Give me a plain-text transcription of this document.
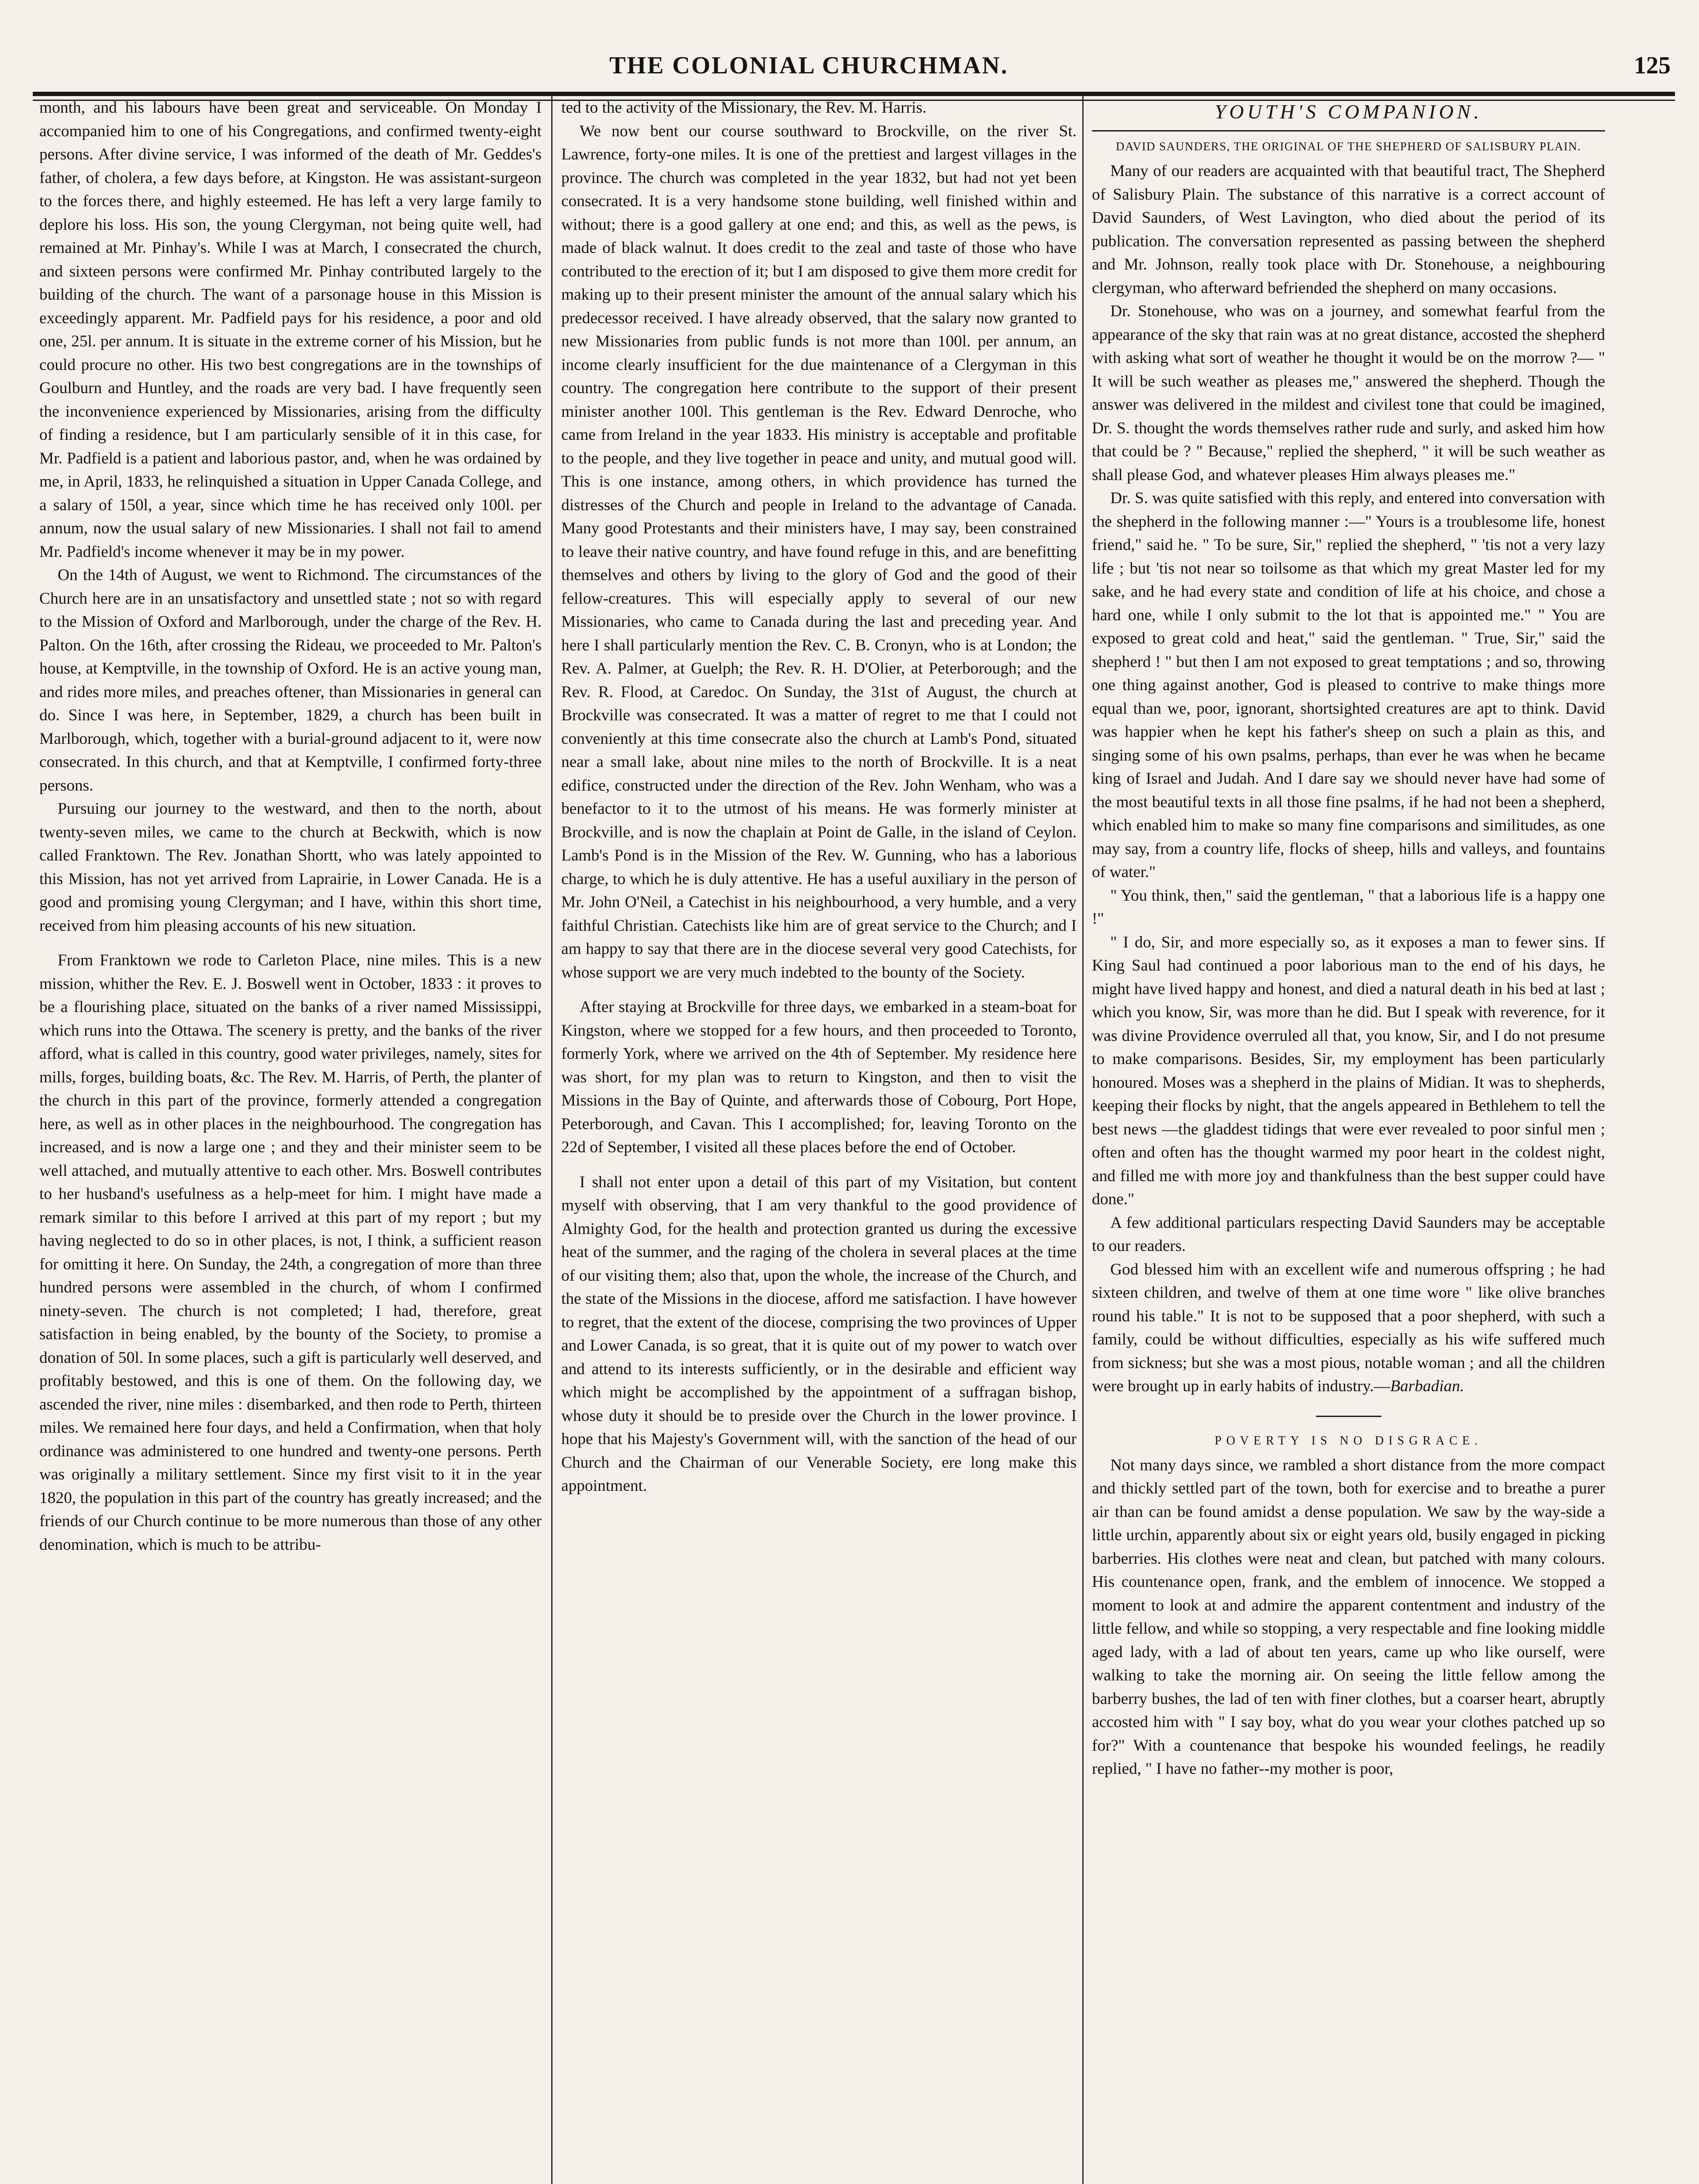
THE COLONIAL CHURCHMAN.	125

month, and his labours have been great and serviceable. On Monday I accompanied him to one of his Congregations, and confirmed twenty-eight persons. After divine service, I was informed of the death of Mr. Geddes's father, of cholera, a few days before, at Kingston. He was assistant-surgeon to the forces there, and highly esteemed. He has left a very large family to deplore his loss. His son, the young Clergyman, not being quite well, had remained at Mr. Pinhay's. While I was at March, I consecrated the church, and sixteen persons were confirmed Mr. Pinhay contributed largely to the building of the church. The want of a parsonage house in this Mission is exceedingly apparent. Mr. Padfield pays for his residence, a poor and old one, 25l. per annum. It is situate in the extreme corner of his Mission, but he could procure no other. His two best congregations are in the townships of Goulburn and Huntley, and the roads are very bad. I have frequently seen the inconvenience experienced by Missionaries, arising from the difficulty of finding a residence, but I am particularly sensible of it in this case, for Mr. Padfield is a patient and laborious pastor, and, when he was ordained by me, in April, 1833, he relinquished a situation in Upper Canada College, and a salary of 150l, a year, since which time he has received only 100l. per annum, now the usual salary of new Missionaries. I shall not fail to amend Mr. Padfield's income whenever it may be in my power.

On the 14th of August, we went to Richmond. The circumstances of the Church here are in an unsatisfactory and unsettled state ; not so with regard to the Mission of Oxford and Marlborough, under the charge of the Rev. H. Palton. On the 16th, after crossing the Rideau, we proceeded to Mr. Palton's house, at Kemptville, in the township of Oxford. He is an active young man, and rides more miles, and preaches oftener, than Missionaries in general can do. Since I was here, in September, 1829, a church has been built in Marlborough, which, together with a burial-ground adjacent to it, were now consecrated. In this church, and that at Kemptville, I confirmed forty-three persons.

Pursuing our journey to the westward, and then to the north, about twenty-seven miles, we came to the church at Beckwith, which is now called Franktown. The Rev. Jonathan Shortt, who was lately appointed to this Mission, has not yet arrived from Laprairie, in Lower Canada. He is a good and promising young Clergyman; and I have, within this short time, received from him pleasing accounts of his new situation.

From Franktown we rode to Carleton Place, nine miles. This is a new mission, whither the Rev. E. J. Boswell went in October, 1833 : it proves to be a flourishing place, situated on the banks of a river named Mississippi, which runs into the Ottawa. The scenery is pretty, and the banks of the river afford, what is called in this country, good water privileges, namely, sites for mills, forges, building boats, &c. The Rev. M. Harris, of Perth, the planter of the church in this part of the province, formerly attended a congregation here, as well as in other places in the neighbourhood. The congregation has increased, and is now a large one ; and they and their minister seem to be well attached, and mutually attentive to each other. Mrs. Boswell contributes to her husband's usefulness as a help-meet for him. I might have made a remark similar to this before I arrived at this part of my report ; but my having neglected to do so in other places, is not, I think, a sufficient reason for omitting it here. On Sunday, the 24th, a congregation of more than three hundred persons were assembled in the church, of whom I confirmed ninety-seven. The church is not completed; I had, therefore, great satisfaction in being enabled, by the bounty of the Society, to promise a donation of 50l. In some places, such a gift is particularly well deserved, and profitably bestowed, and this is one of them. On the following day, we ascended the river, nine miles : disembarked, and then rode to Perth, thirteen miles. We remained here four days, and held a Confirmation, when that holy ordinance was administered to one hundred and twenty-one persons. Perth was originally a military settlement. Since my first visit to it in the year 1820, the population in this part of the country has greatly increased; and the friends of our Church continue to be more numerous than those of any other denomination, which is much to be attribu-

ted to the activity of the Missionary, the Rev. M. Harris.

We now bent our course southward to Brockville, on the river St. Lawrence, forty-one miles. It is one of the prettiest and largest villages in the province. The church was completed in the year 1832, but had not yet been consecrated. It is a very handsome stone building, well finished within and without; there is a good gallery at one end; and this, as well as the pews, is made of black walnut. It does credit to the zeal and taste of those who have contributed to the erection of it; but I am disposed to give them more credit for making up to their present minister the amount of the annual salary which his predecessor received. I have already observed, that the salary now granted to new Missionaries from public funds is not more than 100l. per annum, an income clearly insufficient for the due maintenance of a Clergyman in this country. The congregation here contribute to the support of their present minister another 100l. This gentleman is the Rev. Edward Denroche, who came from Ireland in the year 1833. His ministry is acceptable and profitable to the people, and they live together in peace and unity, and mutual good will. This is one instance, among others, in which providence has turned the distresses of the Church and people in Ireland to the advantage of Canada. Many good Protestants and their ministers have, I may say, been constrained to leave their native country, and have found refuge in this, and are benefitting themselves and others by living to the glory of God and the good of their fellow-creatures. This will especially apply to several of our new Missionaries, who came to Canada during the last and preceding year. And here I shall particularly mention the Rev. C. B. Cronyn, who is at London; the Rev. A. Palmer, at Guelph; the Rev. R. H. D'Olier, at Peterborough; and the Rev. R. Flood, at Caredoc. On Sunday, the 31st of August, the church at Brockville was consecrated. It was a matter of regret to me that I could not conveniently at this time consecrate also the church at Lamb's Pond, situated near a small lake, about nine miles to the north of Brockville. It is a neat edifice, constructed under the direction of the Rev. John Wenham, who was a benefactor to it to the utmost of his means. He was formerly minister at Brockville, and is now the chaplain at Point de Galle, in the island of Ceylon. Lamb's Pond is in the Mission of the Rev. W. Gunning, who has a laborious charge, to which he is duly attentive. He has a useful auxiliary in the person of Mr. John O'Neil, a Catechist in his neighbourhood, a very humble, and a very faithful Christian. Catechists like him are of great service to the Church; and I am happy to say that there are in the diocese several very good Catechists, for whose support we are very much indebted to the bounty of the Society.

After staying at Brockville for three days, we embarked in a steam-boat for Kingston, where we stopped for a few hours, and then proceeded to Toronto, formerly York, where we arrived on the 4th of September. My residence here was short, for my plan was to return to Kingston, and then to visit the Missions in the Bay of Quinte, and afterwards those of Cobourg, Port Hope, Peterborough, and Cavan. This I accomplished; for, leaving Toronto on the 22d of September, I visited all these places before the end of October.

I shall not enter upon a detail of this part of my Visitation, but content myself with observing, that I am very thankful to the good providence of Almighty God, for the health and protection granted us during the excessive heat of the summer, and the raging of the cholera in several places at the time of our visiting them; also that, upon the whole, the increase of the Church, and the state of the Missions in the diocese, afford me satisfaction. I have however to regret, that the extent of the diocese, comprising the two provinces of Upper and Lower Canada, is so great, that it is quite out of my power to watch over and attend to its interests sufficiently, or in the desirable and efficient way which might be accomplished by the appointment of a suffragan bishop, whose duty it should be to preside over the Church in the lower province. I hope that his Majesty's Government will, with the sanction of the head of our Church and the Chairman of our Venerable Society, ere long make this appointment.

YOUTH'S COMPANION.
DAVID SAUNDERS, THE ORIGINAL OF THE SHEPHERD OF SALISBURY PLAIN.

Many of our readers are acquainted with that beautiful tract, The Shepherd of Salisbury Plain. The substance of this narrative is a correct account of David Saunders, of West Lavington, who died about the period of its publication. The conversation represented as passing between the shepherd and Mr. Johnson, really took place with Dr. Stonehouse, a neighbouring clergyman, who afterward befriended the shepherd on many occasions.

Dr. Stonehouse, who was on a journey, and somewhat fearful from the appearance of the sky that rain was at no great distance, accosted the shepherd with asking what sort of weather he thought it would be on the morrow ?— " It will be such weather as pleases me," answered the shepherd. Though the answer was delivered in the mildest and civilest tone that could be imagined, Dr. S. thought the words themselves rather rude and surly, and asked him how that could be ? " Because," replied the shepherd, " it will be such weather as shall please God, and whatever pleases Him always pleases me."

Dr. S. was quite satisfied with this reply, and entered into conversation with the shepherd in the following manner :—" Yours is a troublesome life, honest friend," said he. " To be sure, Sir," replied the shepherd, " 'tis not a very lazy life ; but 'tis not near so toilsome as that which my great Master led for my sake, and he had every state and condition of life at his choice, and chose a hard one, while I only submit to the lot that is appointed me." " You are exposed to great cold and heat," said the gentleman. " True, Sir," said the shepherd ! " but then I am not exposed to great temptations ; and so, throwing one thing against another, God is pleased to contrive to make things more equal than we, poor, ignorant, shortsighted creatures are apt to think. David was happier when he kept his father's sheep on such a plain as this, and singing some of his own psalms, perhaps, than ever he was when he became king of Israel and Judah. And I dare say we should never have had some of the most beautiful texts in all those fine psalms, if he had not been a shepherd, which enabled him to make so many fine comparisons and similitudes, as one may say, from a country life, flocks of sheep, hills and valleys, and fountains of water."

" You think, then," said the gentleman, " that a laborious life is a happy one !"

" I do, Sir, and more especially so, as it exposes a man to fewer sins. If King Saul had continued a poor laborious man to the end of his days, he might have lived happy and honest, and died a natural death in his bed at last ; which you know, Sir, was more than he did. But I speak with reverence, for it was divine Providence overruled all that, you know, Sir, and I do not presume to make comparisons. Besides, Sir, my employment has been particularly honoured. Moses was a shepherd in the plains of Midian. It was to shepherds, keeping their flocks by night, that the angels appeared in Bethlehem to tell the best news —the gladdest tidings that were ever revealed to poor sinful men ; often and often has the thought warmed my poor heart in the coldest night, and filled me with more joy and thankfulness than the best supper could have done."

A few additional particulars respecting David Saunders may be acceptable to our readers.

God blessed him with an excellent wife and numerous offspring ; he had sixteen children, and twelve of them at one time wore " like olive branches round his table." It is not to be supposed that a poor shepherd, with such a family, could be without difficulties, especially as his wife suffered much from sickness; but she was a most pious, notable woman ; and all the children were brought up in early habits of industry.—Barbadian.

POVERTY IS NO DISGRACE.

Not many days since, we rambled a short distance from the more compact and thickly settled part of the town, both for exercise and to breathe a purer air than can be found amidst a dense population. We saw by the way-side a little urchin, apparently about six or eight years old, busily engaged in picking barberries. His clothes were neat and clean, but patched with many colours. His countenance open, frank, and the emblem of innocence. We stopped a moment to look at and admire the apparent contentment and industry of the little fellow, and while so stopping, a very respectable and fine looking middle aged lady, with a lad of about ten years, came up who like ourself, were walking to take the morning air. On seeing the little fellow among the barberry bushes, the lad of ten with finer clothes, but a coarser heart, abruptly accosted him with " I say boy, what do you wear your clothes patched up so for?" With a countenance that bespoke his wounded feelings, he readily replied, " I have no father--my mother is poor,
